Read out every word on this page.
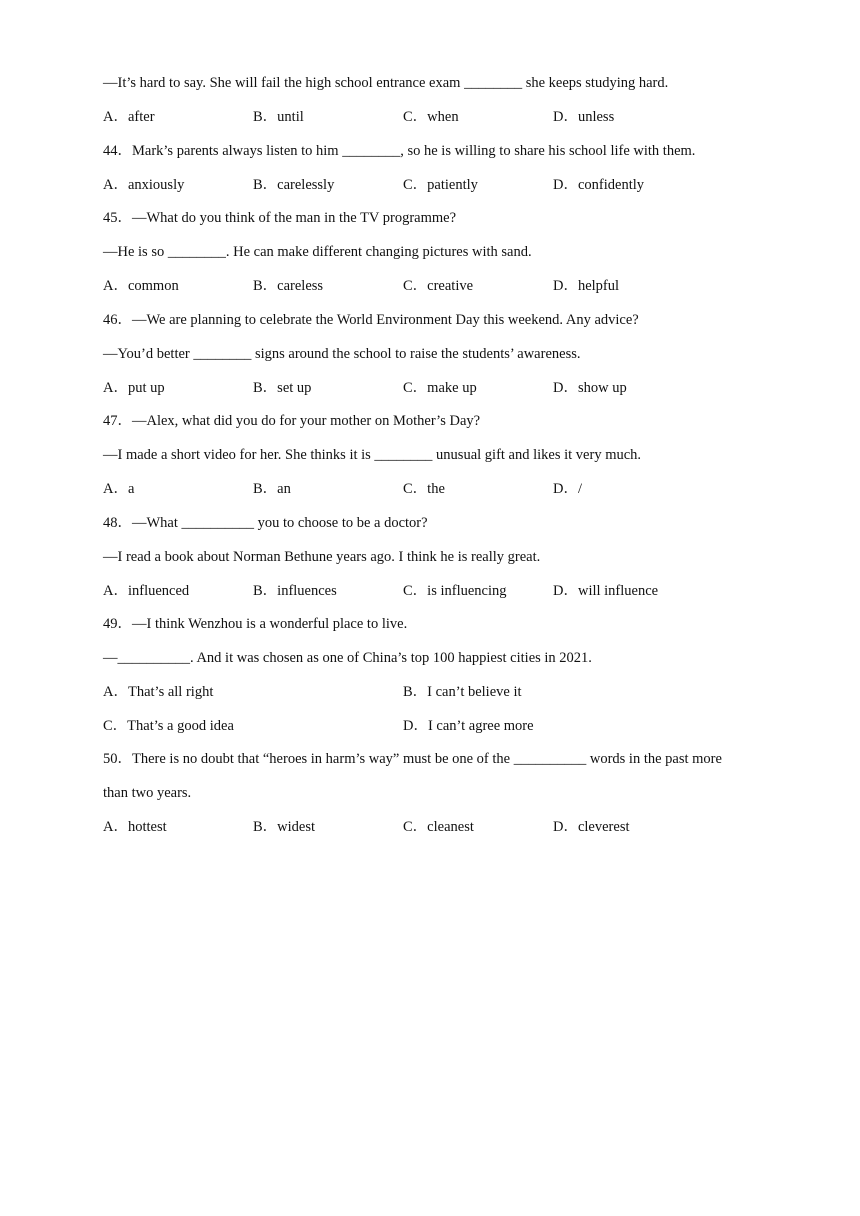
—It’s hard to say. She will fail the high school entrance exam ________ she keeps studying hard.
A．after	B．until	C．when	D．unless
44．Mark’s parents always listen to him ________, so he is willing to share his school life with them.
A．anxiously	B．carelessly	C．patiently	D．confidently
45．—What do you think of the man in the TV programme?
—He is so ________. He can make different changing pictures with sand.
A．common	B．careless	C．creative	D．helpful
46．—We are planning to celebrate the World Environment Day this weekend. Any advice?
—You’d better ________ signs around the school to raise the students’ awareness.
A．put up	B．set up	C．make up	D．show up
47．—Alex, what did you do for your mother on Mother’s Day?
—I made a short video for her. She thinks it is ________ unusual gift and likes it very much.
A．a	B．an	C．the	D．/
48．—What __________ you to choose to be a doctor?
—I read a book about Norman Bethune years ago. I think he is really great.
A．influenced	B．influences	C．is influencing	D．will influence
49．—I think Wenzhou is a wonderful place to live.
—__________. And it was chosen as one of China’s top 100 happiest cities in 2021.
A．That’s all right	B．I can’t believe it
C．That’s a good idea	D．I can’t agree more
50．There is no doubt that “heroes in harm’s way” must be one of the __________ words in the past more
than two years.
A．hottest	B．widest	C．cleanest	D．cleverest
